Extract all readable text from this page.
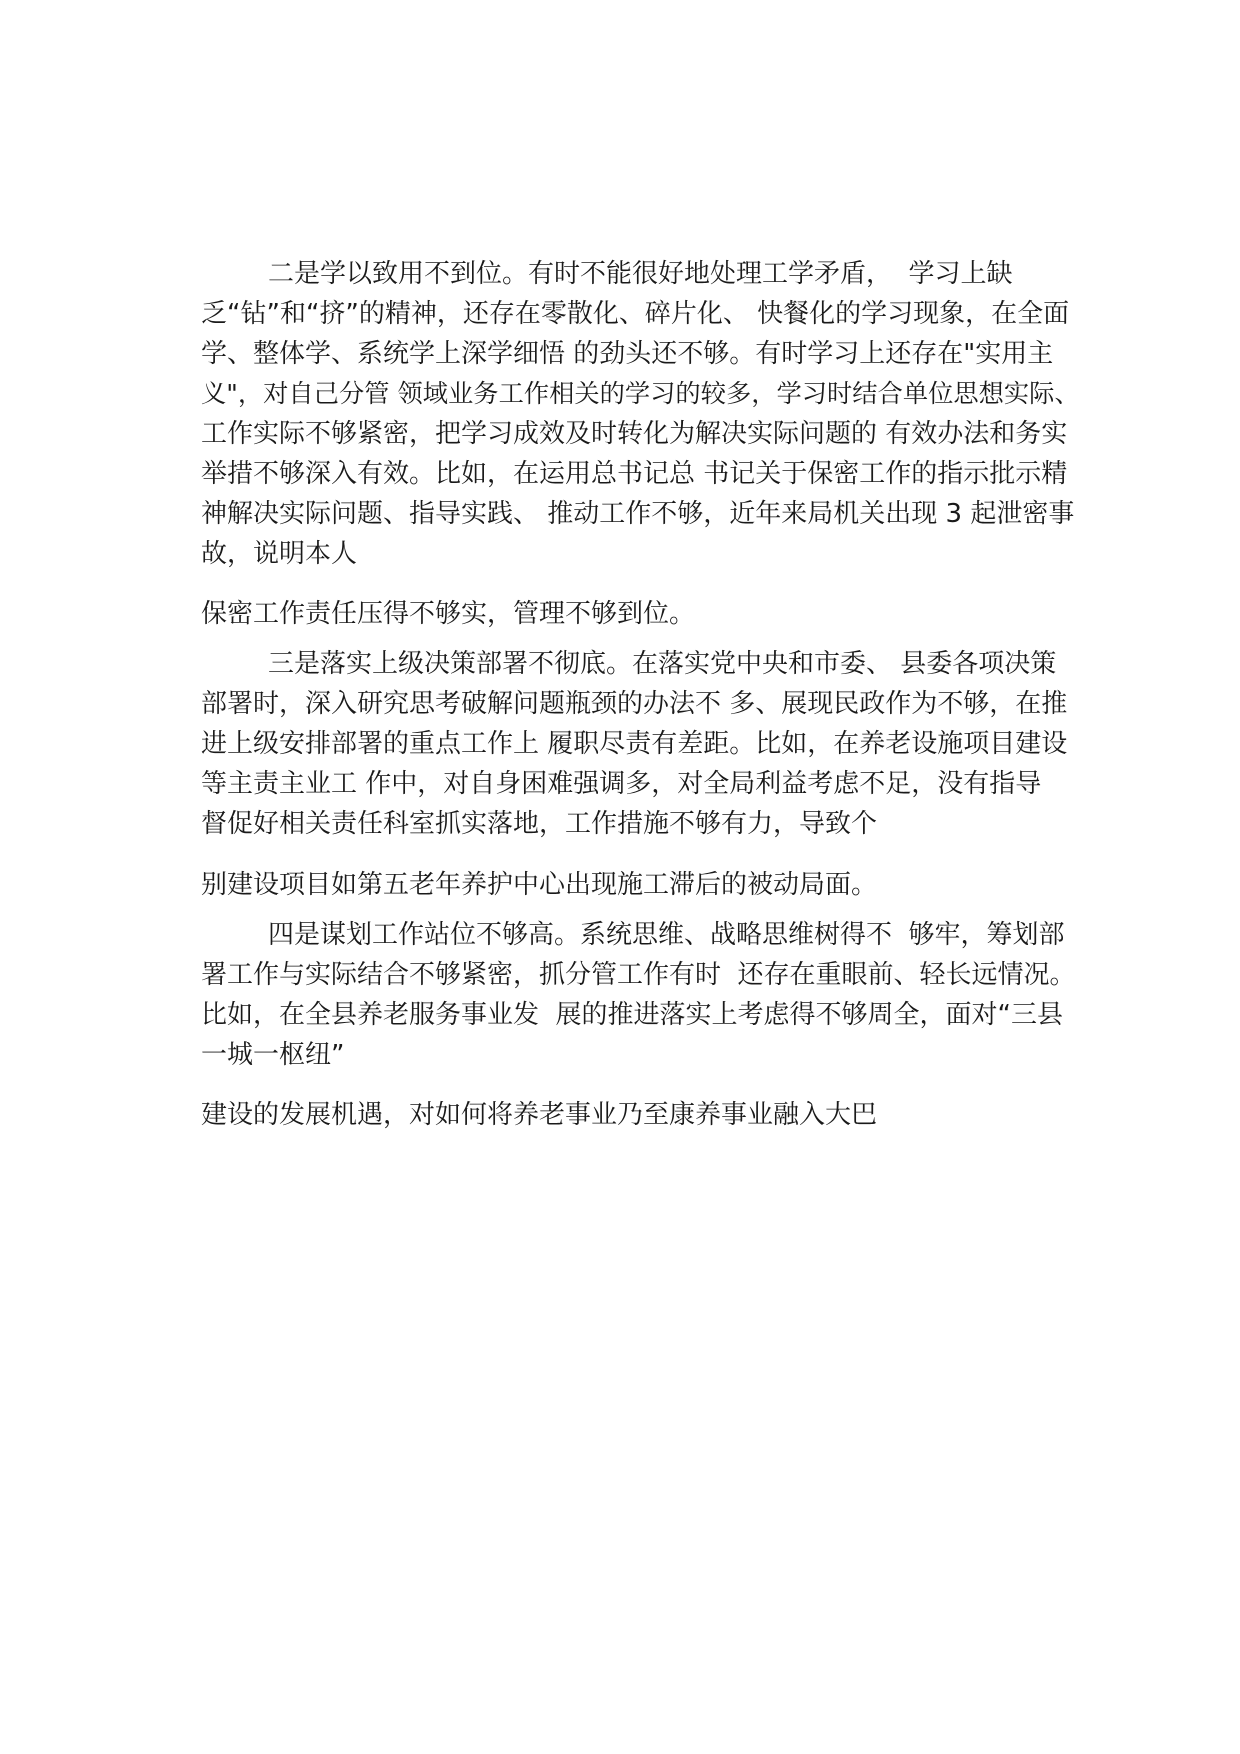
二是学以致用不到位。有时不能很好地处理工学矛盾，  学习上缺

乏“钻”和“挤”的精神，还存在零散化、碎片化、 快餐化的学习现象，在全面

学、整体学、系统学上深学细悟 的劲头还不够。有时学习上还存在"实用主

义"，对自己分管 领域业务工作相关的学习的较多，学习时结合单位思想实际、

工作实际不够紧密，把学习成效及时转化为解决实际问题的 有效办法和务实

举措不够深入有效。比如，在运用总书记总 书记关于保密工作的指示批示精

神解决实际问题、指导实践、 推动工作不够，近年来局机关出现 3 起泄密事

故，说明本人

保密工作责任压得不够实，管理不够到位。

三是落实上级决策部署不彻底。在落实党中央和市委、 县委各项决策

部署时，深入研究思考破解问题瓶颈的办法不 多、展现民政作为不够，在推

进上级安排部署的重点工作上 履职尽责有差距。比如，在养老设施项目建设

等主责主业工 作中，对自身困难强调多，对全局利益考虑不足，没有指导

督促好相关责任科室抓实落地，工作措施不够有力，导致个

别建设项目如第五老年养护中心出现施工滞后的被动局面。

四是谋划工作站位不够高。系统思维、战略思维树得不  够牢，筹划部

署工作与实际结合不够紧密，抓分管工作有时  还存在重眼前、轻长远情况。

比如，在全县养老服务事业发  展的推进落实上考虑得不够周全，面对“三县

一城一枢纽”

建设的发展机遇，对如何将养老事业乃至康养事业融入大巴
